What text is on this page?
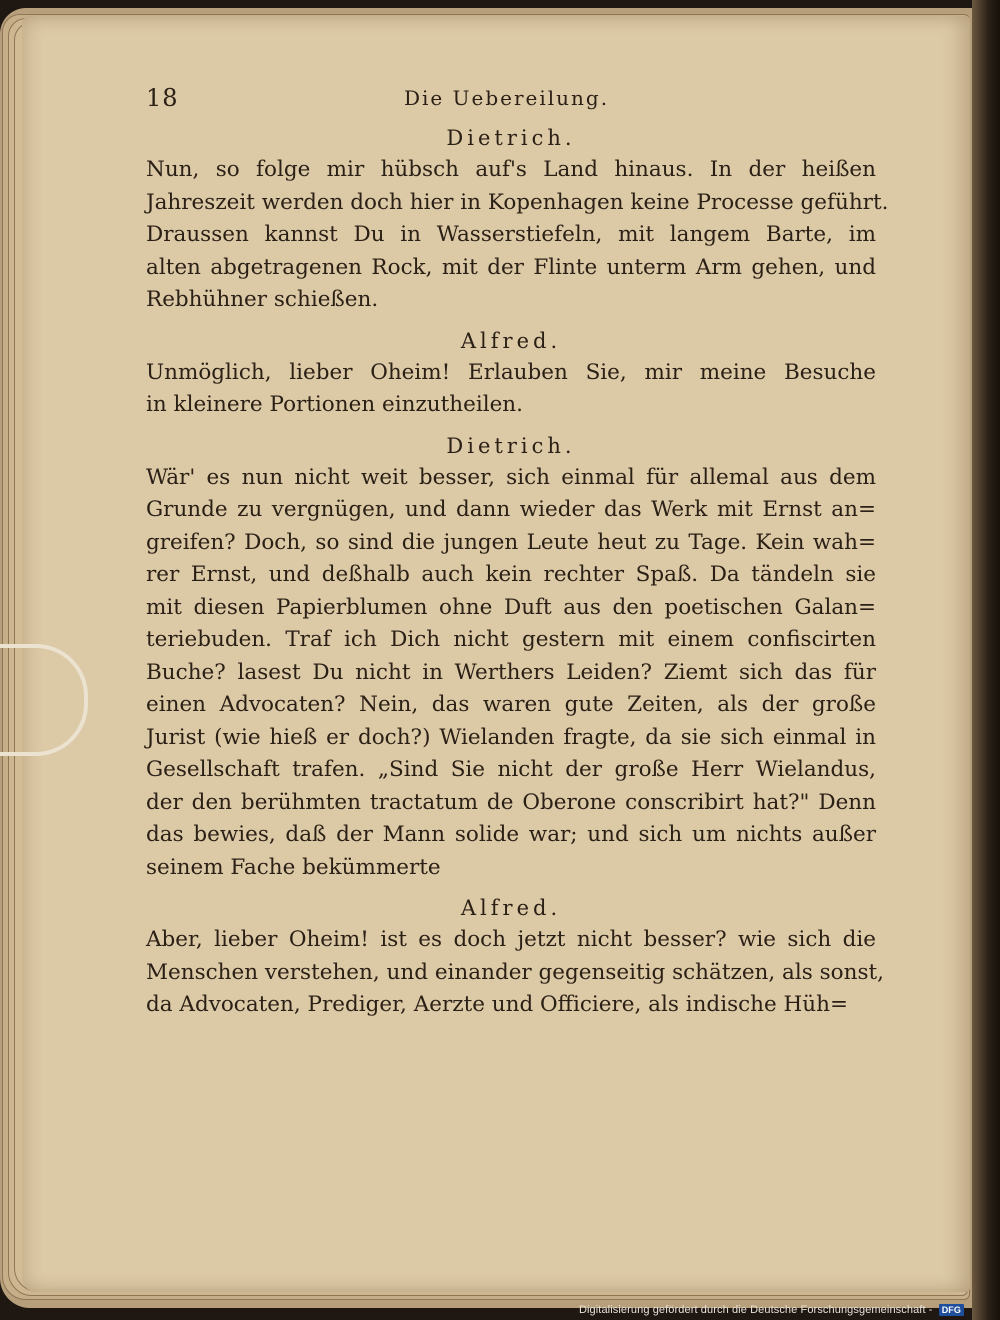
18	Die Uebereilung.
Dietrich.
Nun, so folge mir hübsch auf's Land hinaus. In der heißen
Jahreszeit werden doch hier in Kopenhagen keine Processe geführt.
Draussen kannst Du in Wasserstiefeln, mit langem Barte, im
alten abgetragenen Rock, mit der Flinte unterm Arm gehen, und
Rebhühner schießen.
Alfred.
Unmöglich, lieber Oheim! Erlauben Sie, mir meine Besuche
in kleinere Portionen einzutheilen.
Dietrich.
Wär' es nun nicht weit besser, sich einmal für allemal aus dem
Grunde zu vergnügen, und dann wieder das Werk mit Ernst an=
greifen? Doch, so sind die jungen Leute heut zu Tage. Kein wah=
rer Ernst, und deßhalb auch kein rechter Spaß. Da tändeln sie
mit diesen Papierblumen ohne Duft aus den poetischen Galan=
teriebuden. Traf ich Dich nicht gestern mit einem confiscirten
Buche? lasest Du nicht in Werthers Leiden? Ziemt sich das für
einen Advocaten? Nein, das waren gute Zeiten, als der große
Jurist (wie hieß er doch?) Wielanden fragte, da sie sich einmal in
Gesellschaft trafen. „Sind Sie nicht der große Herr Wielandus,
der den berühmten tractatum de Oberone conscribirt hat?" Denn
das bewies, daß der Mann solide war; und sich um nichts außer
seinem Fache bekümmerte
Alfred.
Aber, lieber Oheim! ist es doch jetzt nicht besser? wie sich die
Menschen verstehen, und einander gegenseitig schätzen, als sonst,
da Advocaten, Prediger, Aerzte und Officiere, als indische Hüh=
Digitalisierung gefördert durch die Deutsche Forschungsgemeinschaft - DFG
